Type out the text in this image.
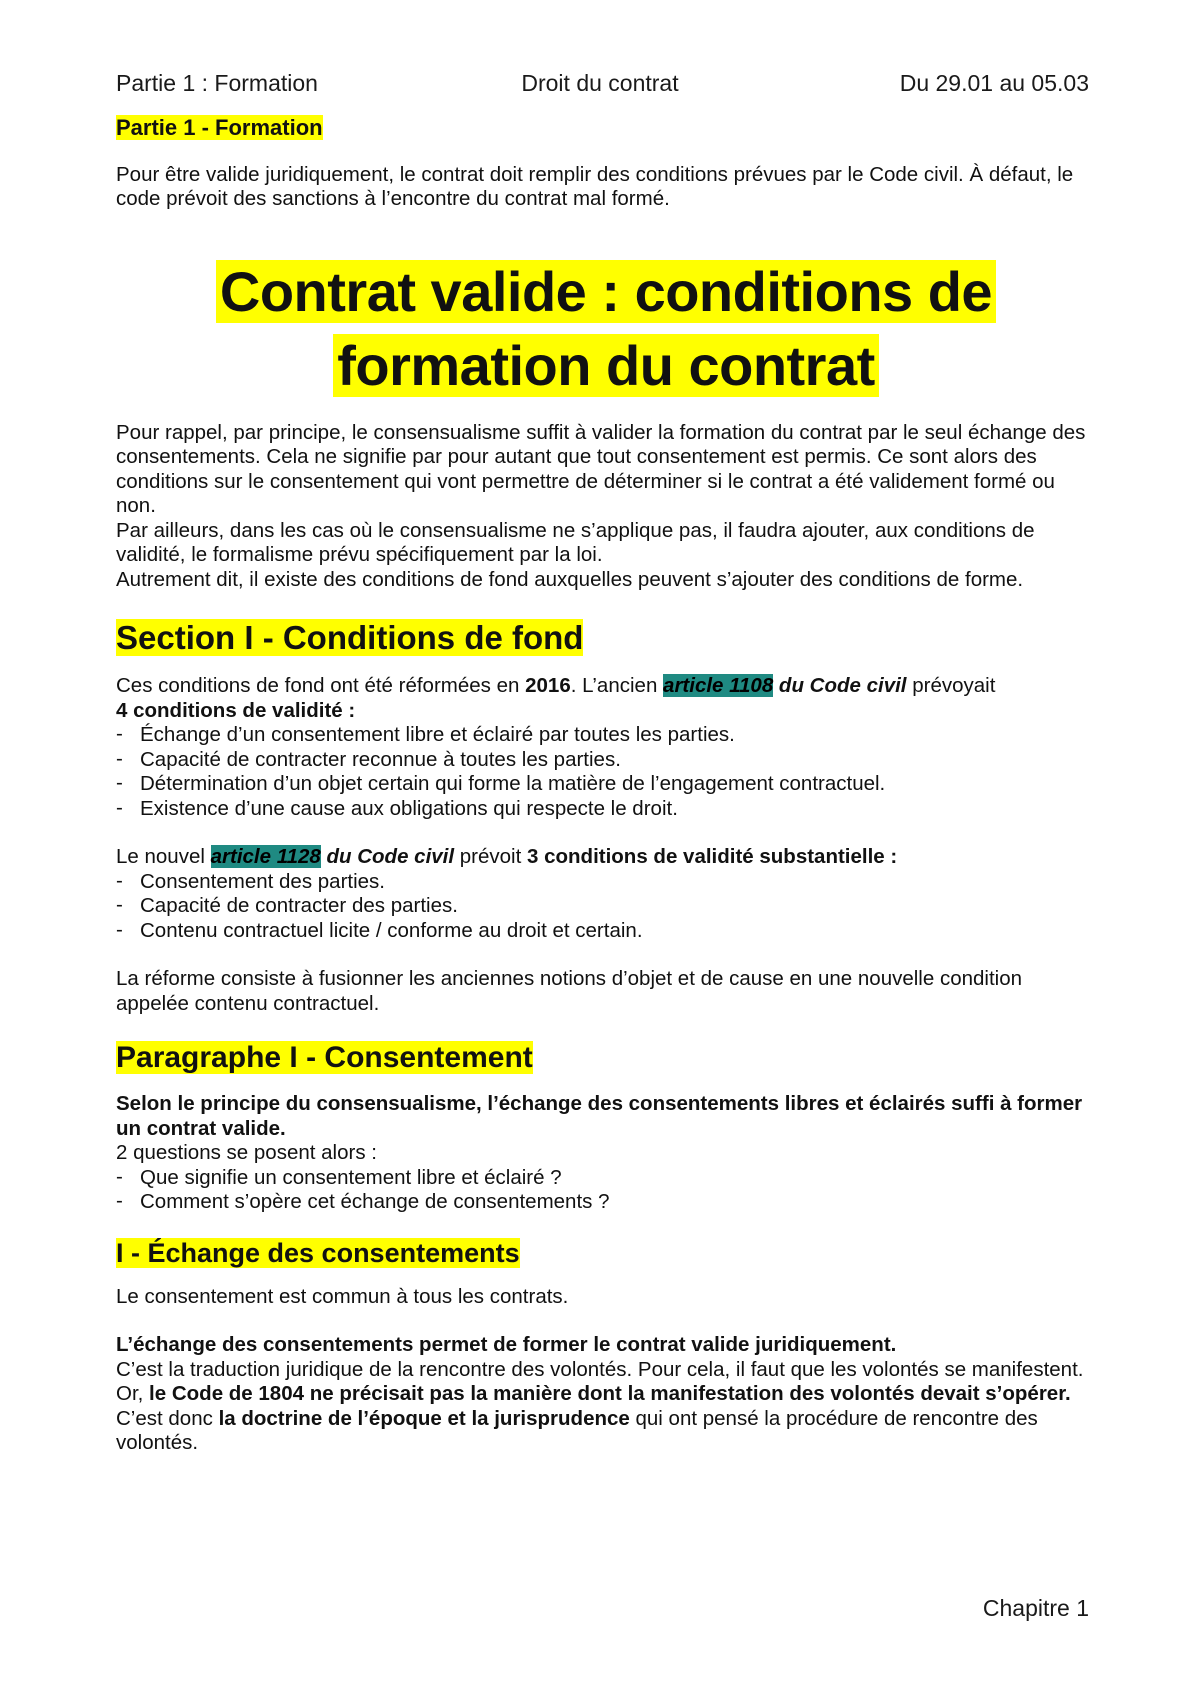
Droit du contrat
Partie 1 : Formation	Du 29.01 au 05.03

Partie 1 - Formation

Pour être valide juridiquement, le contrat doit remplir des conditions prévues par le Code civil. À défaut, le code prévoit des sanctions à l’encontre du contrat mal formé.

Contrat valide : conditions de
formation du contrat

Pour rappel, par principe, le consensualisme suffit à valider la formation du contrat par le seul échange des consentements. Cela ne signifie par pour autant que tout consentement est permis. Ce sont alors des conditions sur le consentement qui vont permettre de déterminer si le contrat a été validement formé ou non.

Par ailleurs, dans les cas où le consensualisme ne s’applique pas, il faudra ajouter, aux conditions de validité, le formalisme prévu spécifiquement par la loi.

Autrement dit, il existe des conditions de fond auxquelles peuvent s’ajouter des conditions de forme.

Section I - Conditions de fond

Ces conditions de fond ont été réformées en 2016. L’ancien article 1108 du Code civil prévoyait

4 conditions de validité :

- Échange d’un consentement libre et éclairé par toutes les parties.
- Capacité de contracter reconnue à toutes les parties.
- Détermination d’un objet certain qui forme la matière de l’engagement contractuel.
- Existence d’une cause aux obligations qui respecte le droit.

Le nouvel article 1128 du Code civil prévoit 3 conditions de validité substantielle :

- Consentement des parties.
- Capacité de contracter des parties.
- Contenu contractuel licite / conforme au droit et certain.

La réforme consiste à fusionner les anciennes notions d’objet et de cause en une nouvelle condition appelée contenu contractuel.

Paragraphe I - Consentement

Selon le principe du consensualisme, l’échange des consentements libres et éclairés suffi à former un contrat valide.

2 questions se posent alors :

- Que signifie un consentement libre et éclairé ?
- Comment s’opère cet échange de consentements ?
I - Échange des consentements

Le consentement est commun à tous les contrats.

L’échange des consentements permet de former le contrat valide juridiquement.

C’est la traduction juridique de la rencontre des volontés. Pour cela, il faut que les volontés se manifestent. Or, le Code de 1804 ne précisait pas la manière dont la manifestation des volontés devait s’opérer. C’est donc la doctrine de l’époque et la jurisprudence qui ont pensé la procédure de rencontre des volontés.

Chapitre 1
